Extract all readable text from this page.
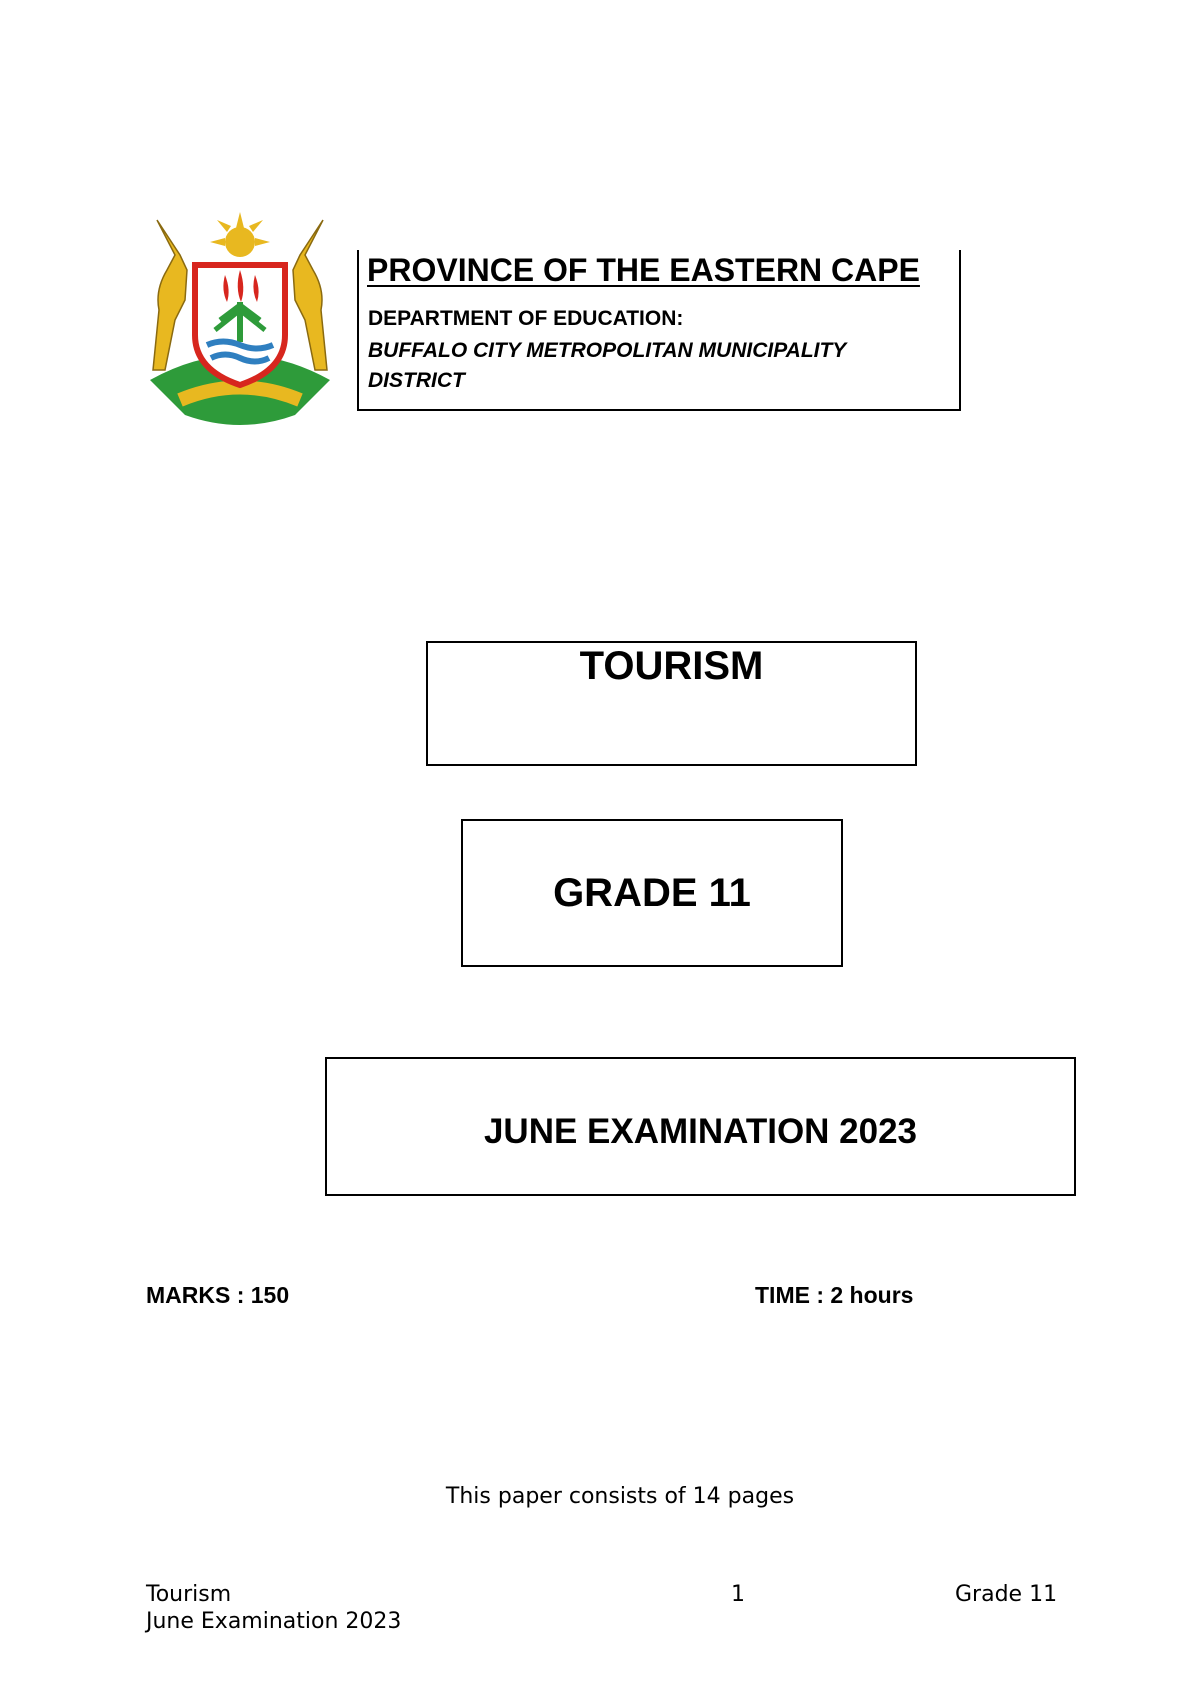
PROVINCE OF THE EASTERN CAPE
DEPARTMENT OF EDUCATION:
BUFFALO CITY METROPOLITAN MUNICIPALITY DISTRICT
TOURISM
GRADE 11
JUNE EXAMINATION 2023
MARKS : 150	TIME : 2 hours
This paper consists of 14 pages
Tourism
June Examination 2023
1	Grade 11
